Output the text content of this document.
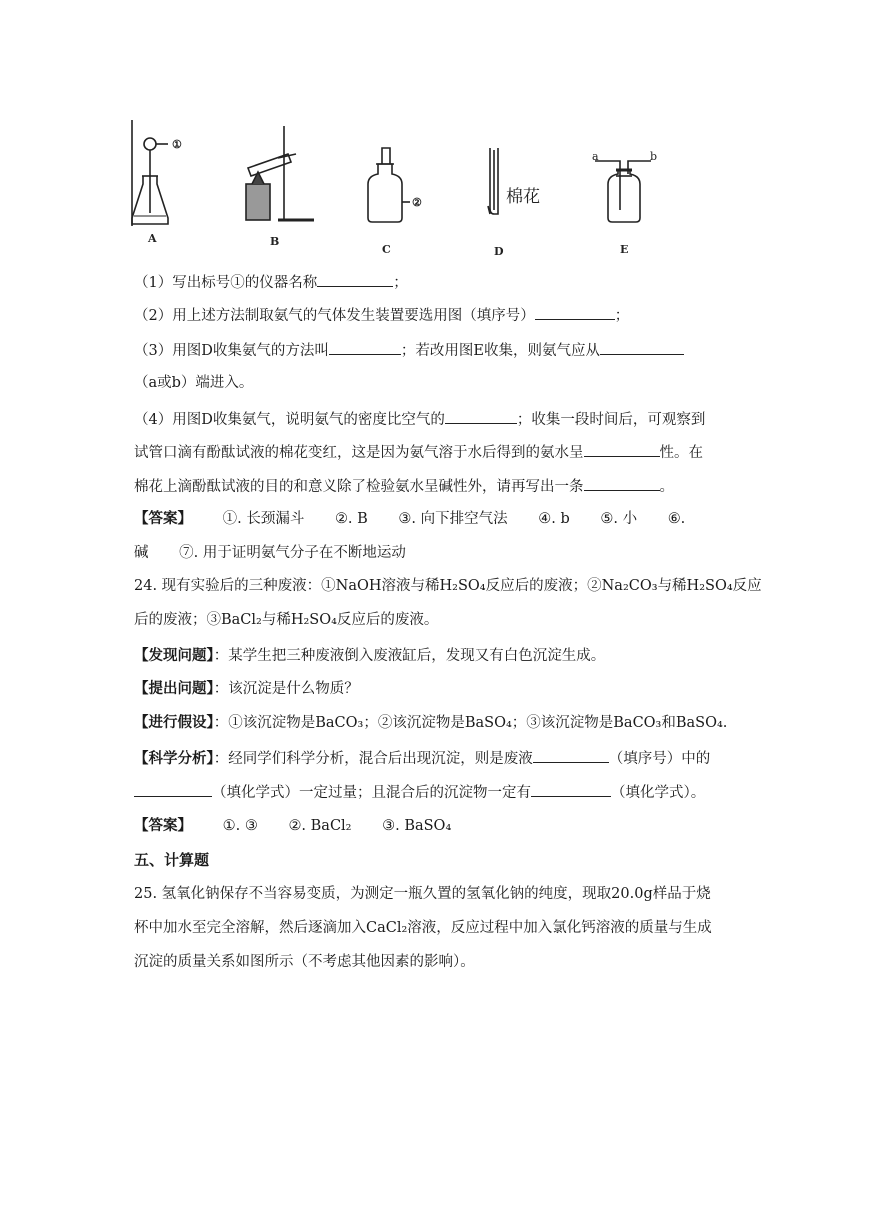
①
②	棉花
a	b
A	B
C	D	E
（1）写出标号①的仪器名称	；
（2）用上述方法制取氨气的气体发生装置要选用图（填序号）	；
（3）用图D收集氨气的方法叫	；若改用图E收集，则氨气应从
（a或b）端进入。
（4）用图D收集氨气，说明氨气的密度比空气的	；收集一段时间后，可观察到
试管口滴有酚酞试液的棉花变红，这是因为氨气溶于水后得到的氨水呈	性。在
棉花上滴酚酞试液的目的和意义除了检验氨水呈碱性外，请再写出一条	。
【答案】 ①. 长颈漏斗 ②. B ③. 向下排空气法 ④. b ⑤. 小 ⑥.
碱 ⑦. 用于证明氨气分子在不断地运动
24. 现有实验后的三种废液：①NaOH溶液与稀H₂SO₄反应后的废液；②Na₂CO₃与稀H₂SO₄反应
后的废液；③BaCl₂与稀H₂SO₄反应后的废液。
【发现问题】：某学生把三种废液倒入废液缸后，发现又有白色沉淀生成。
【提出问题】：该沉淀是什么物质？
【进行假设】：①该沉淀物是BaCO₃；②该沉淀物是BaSO₄；③该沉淀物是BaCO₃和BaSO₄.
【科学分析】：经同学们科学分析，混合后出现沉淀，则是废液	（填序号）中的
（填化学式）一定过量；且混合后的沉淀物一定有	（填化学式）。
【答案】 ①. ③ ②. BaCl₂ ③. BaSO₄
五、计算题
25. 氢氧化钠保存不当容易变质，为测定一瓶久置的氢氧化钠的纯度，现取20.0g样品于烧
杯中加水至完全溶解，然后逐滴加入CaCl₂溶液，反应过程中加入氯化钙溶液的质量与生成
沉淀的质量关系如图所示（不考虑其他因素的影响）。
